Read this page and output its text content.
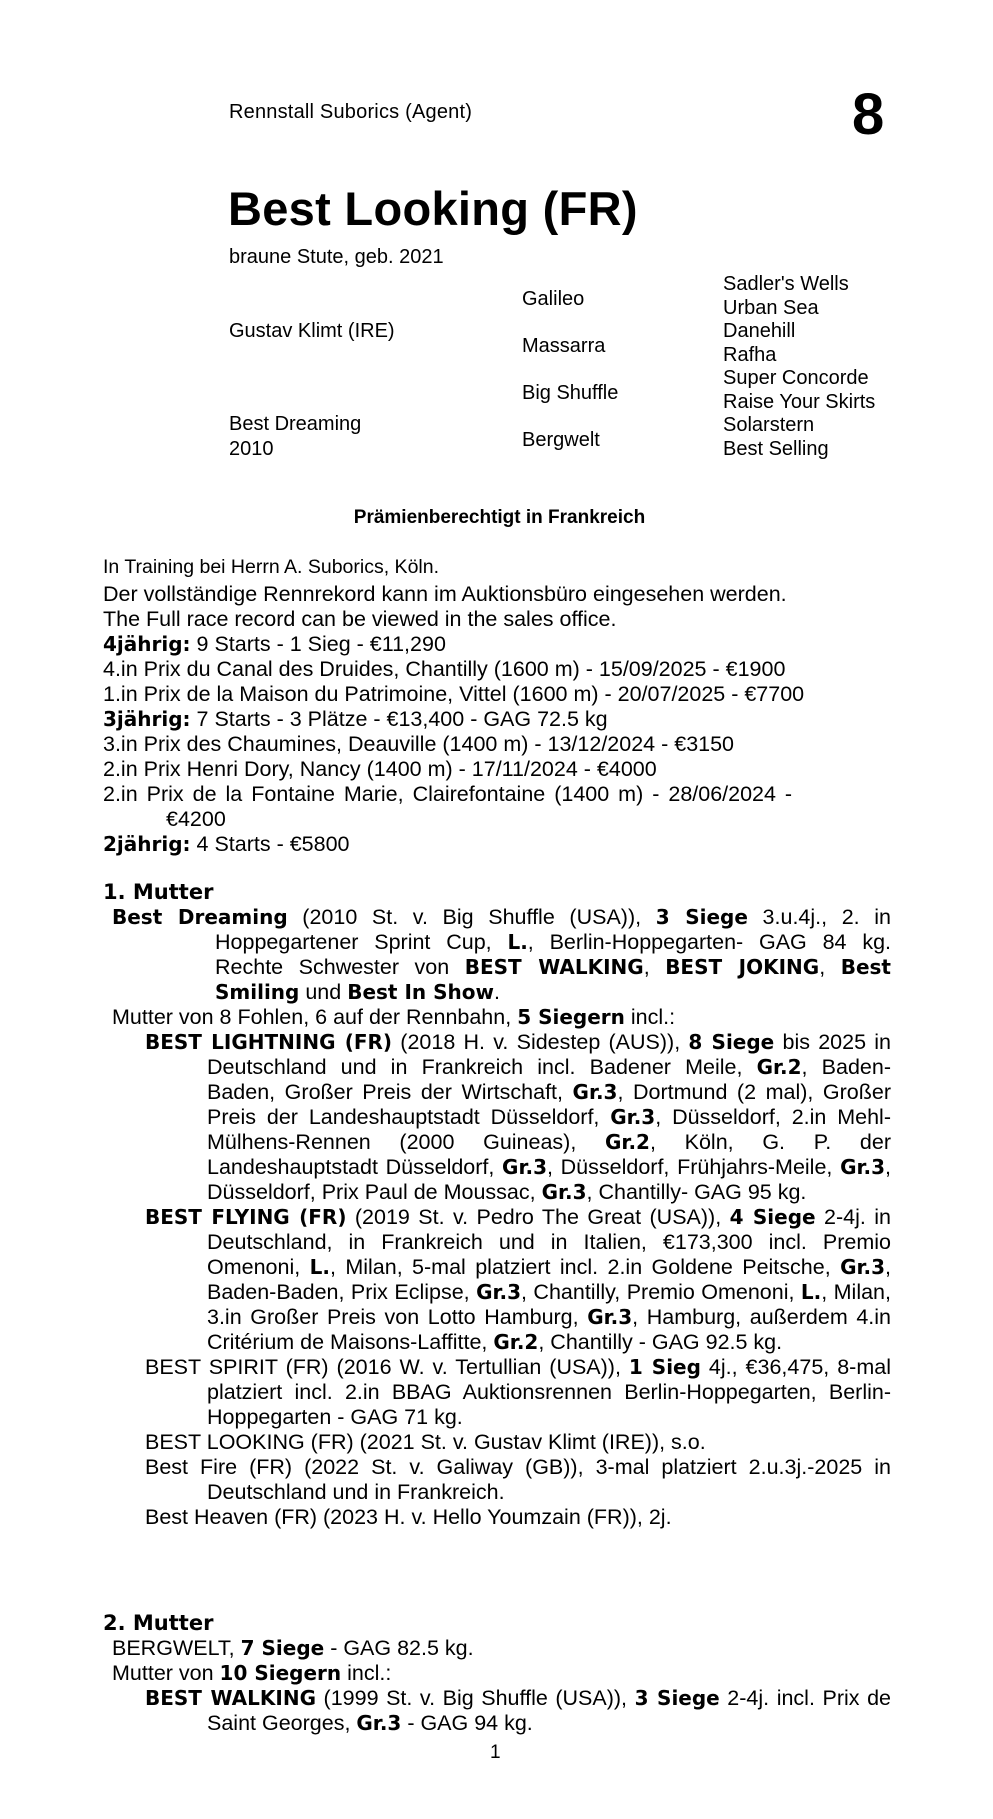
Rennstall Suborics (Agent)	8
Best Looking (FR)
braune Stute, geb. 2021
Gustav Klimt (IRE)
Best Dreaming
2010
Galileo
Massarra
Big Shuffle
Bergwelt
Sadler's Wells
Urban Sea
Danehill
Rafha
Super Concorde
Raise Your Skirts
Solarstern
Best Selling
Prämienberechtigt in Frankreich
In Training bei Herrn A. Suborics, Köln.
Der vollständige Rennrekord kann im Auktionsbüro eingesehen werden.
The Full race record can be viewed in the sales office.
4jährig: 9 Starts - 1 Sieg - €11,290
4.in Prix du Canal des Druides, Chantilly (1600 m) - 15/09/2025 - €1900
1.in Prix de la Maison du Patrimoine, Vittel (1600 m) - 20/07/2025 - €7700
3jährig: 7 Starts - 3 Plätze - €13,400 - GAG 72.5 kg
3.in Prix des Chaumines, Deauville (1400 m) - 13/12/2024 - €3150
2.in Prix Henri Dory, Nancy (1400 m) - 17/11/2024 - €4000
2.in Prix de la Fontaine Marie, Clairefontaine (1400 m) - 28/06/2024 -
€4200
2jährig: 4 Starts - €5800
1. Mutter
Best Dreaming (2010 St. v. Big Shuffle (USA)), 3 Siege 3.u.4j., 2. in Hoppegartener Sprint Cup, L., Berlin-Hoppegarten- GAG 84 kg. Rechte Schwester von BEST WALKING, BEST JOKING, Best Smiling und Best In Show.
Mutter von 8 Fohlen, 6 auf der Rennbahn, 5 Siegern incl.:
BEST LIGHTNING (FR) (2018 H. v. Sidestep (AUS)), 8 Siege bis 2025 in Deutschland und in Frankreich incl. Badener Meile, Gr.2, Baden-Baden, Großer Preis der Wirtschaft, Gr.3, Dortmund (2 mal), Großer Preis der Landeshauptstadt Düsseldorf, Gr.3, Düsseldorf, 2.in Mehl-Mülhens-Rennen (2000 Guineas), Gr.2, Köln, G. P. der Landeshauptstadt Düsseldorf, Gr.3, Düsseldorf, Frühjahrs-Meile, Gr.3, Düsseldorf, Prix Paul de Moussac, Gr.3, Chantilly- GAG 95 kg.
BEST FLYING (FR) (2019 St. v. Pedro The Great (USA)), 4 Siege 2-4j. in Deutschland, in Frankreich und in Italien, €173,300 incl. Premio Omenoni, L., Milan, 5-mal platziert incl. 2.in Goldene Peitsche, Gr.3, Baden-Baden, Prix Eclipse, Gr.3, Chantilly, Premio Omenoni, L., Milan, 3.in Großer Preis von Lotto Hamburg, Gr.3, Hamburg, außerdem 4.in Critérium de Maisons-Laffitte, Gr.2, Chantilly - GAG 92.5 kg.
BEST SPIRIT (FR) (2016 W. v. Tertullian (USA)), 1 Sieg 4j., €36,475, 8-mal platziert incl. 2.in BBAG Auktionsrennen Berlin-Hoppegarten, Berlin-Hoppegarten - GAG 71 kg.
BEST LOOKING (FR) (2021 St. v. Gustav Klimt (IRE)), s.o.
Best Fire (FR) (2022 St. v. Galiway (GB)), 3-mal platziert 2.u.3j.-2025 in Deutschland und in Frankreich.
Best Heaven (FR) (2023 H. v. Hello Youmzain (FR)), 2j.
2. Mutter
BERGWELT, 7 Siege - GAG 82.5 kg.
Mutter von 10 Siegern incl.:
BEST WALKING (1999 St. v. Big Shuffle (USA)), 3 Siege 2-4j. incl. Prix de Saint Georges, Gr.3 - GAG 94 kg.
1
